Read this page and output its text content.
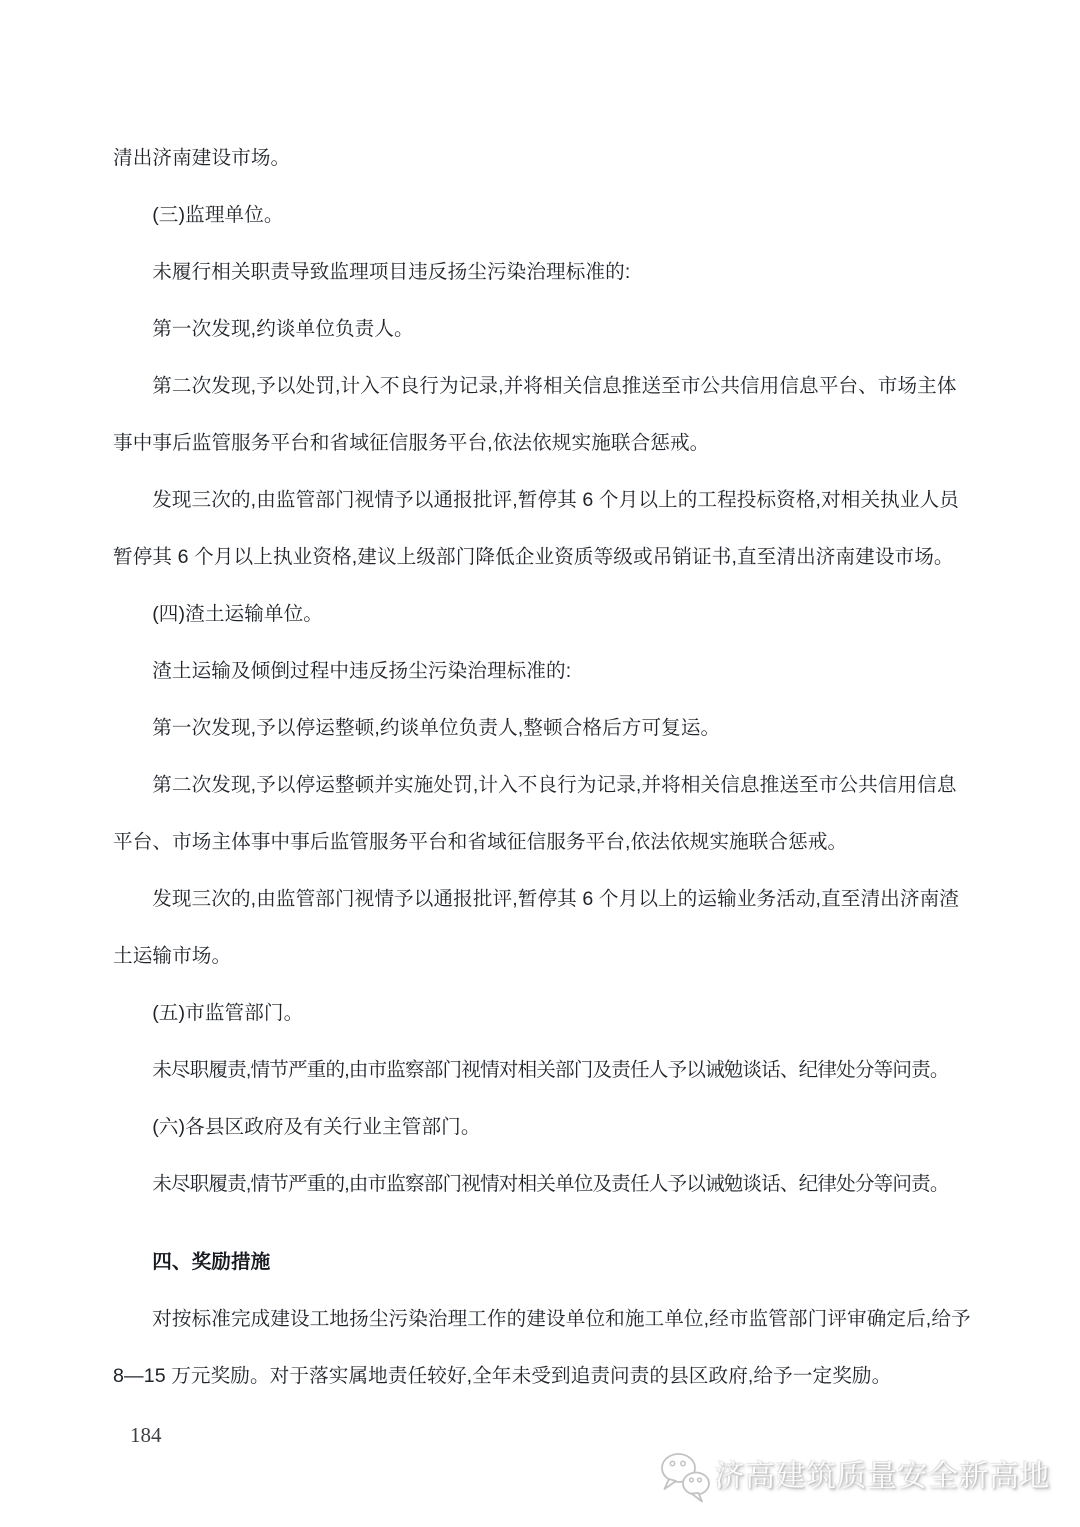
清出济南建设市场。
(三)监理单位。
未履行相关职责导致监理项目违反扬尘污染治理标准的:
第一次发现,约谈单位负责人。
第二次发现,予以处罚,计入不良行为记录,并将相关信息推送至市公共信用信息平台、市场主体
事中事后监管服务平台和省域征信服务平台,依法依规实施联合惩戒。
发现三次的,由监管部门视情予以通报批评,暂停其 6 个月以上的工程投标资格,对相关执业人员
暂停其 6 个月以上执业资格,建议上级部门降低企业资质等级或吊销证书,直至清出济南建设市场。
(四)渣土运输单位。
渣土运输及倾倒过程中违反扬尘污染治理标准的:
第一次发现,予以停运整顿,约谈单位负责人,整顿合格后方可复运。
第二次发现,予以停运整顿并实施处罚,计入不良行为记录,并将相关信息推送至市公共信用信息
平台、市场主体事中事后监管服务平台和省域征信服务平台,依法依规实施联合惩戒。
发现三次的,由监管部门视情予以通报批评,暂停其 6 个月以上的运输业务活动,直至清出济南渣
土运输市场。
(五)市监管部门。
未尽职履责,情节严重的,由市监察部门视情对相关部门及责任人予以诫勉谈话、纪律处分等问责。
(六)各县区政府及有关行业主管部门。
未尽职履责,情节严重的,由市监察部门视情对相关单位及责任人予以诫勉谈话、纪律处分等问责。
四、奖励措施
对按标准完成建设工地扬尘污染治理工作的建设单位和施工单位,经市监管部门评审确定后,给予
8—15 万元奖励。对于落实属地责任较好,全年未受到追责问责的县区政府,给予一定奖励。
184
济高建筑质量安全新高地
